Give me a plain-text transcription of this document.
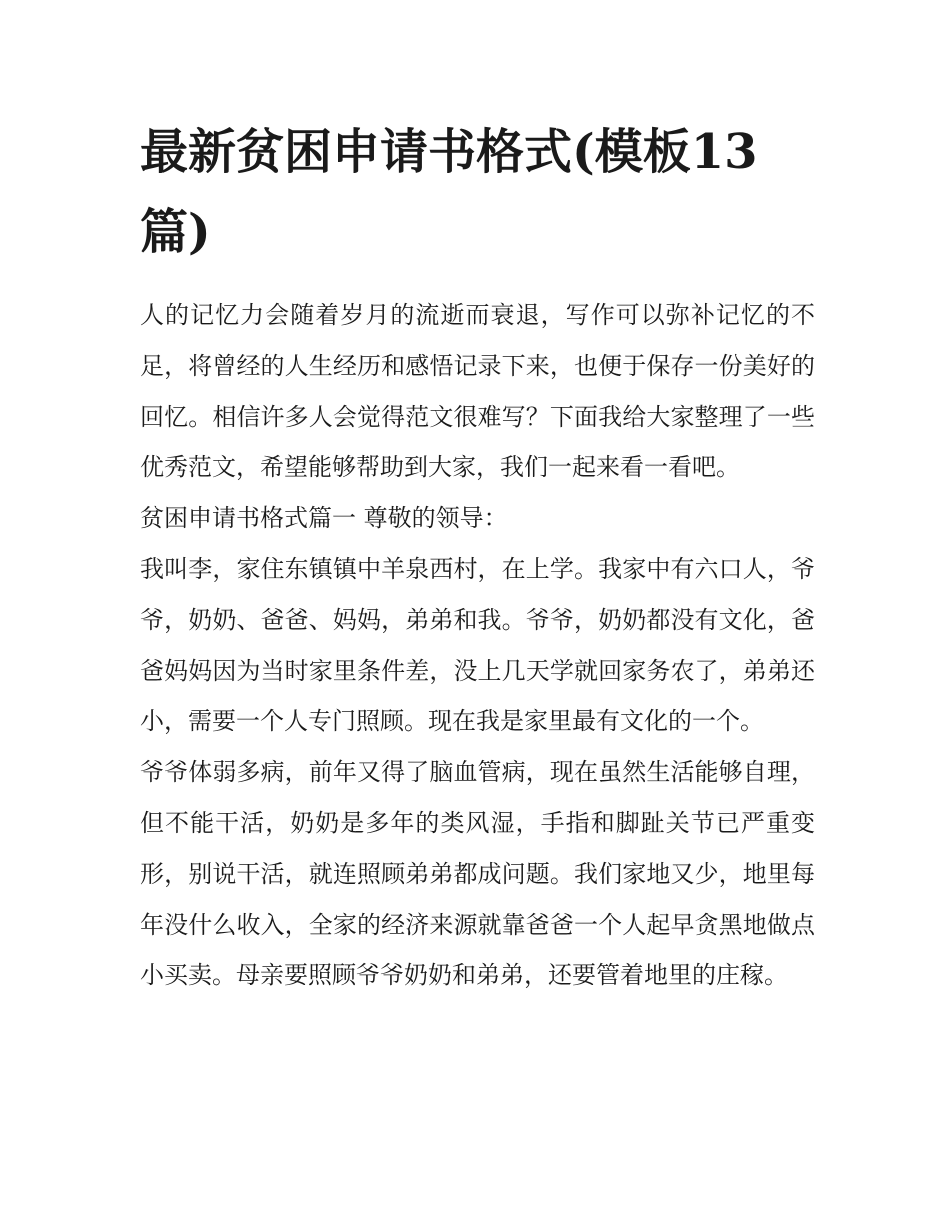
最新贫困申请书格式(模板13篇)

人的记忆力会随着岁月的流逝而衰退，写作可以弥补记忆的不足，将曾经的人生经历和感悟记录下来，也便于保存一份美好的回忆。相信许多人会觉得范文很难写？下面我给大家整理了一些优秀范文，希望能够帮助到大家，我们一起来看一看吧。

贫困申请书格式篇一 尊敬的领导：

我叫李，家住东镇镇中羊泉西村，在上学。我家中有六口人，爷爷，奶奶、爸爸、妈妈，弟弟和我。爷爷，奶奶都没有文化，爸爸妈妈因为当时家里条件差，没上几天学就回家务农了，弟弟还小，需要一个人专门照顾。现在我是家里最有文化的一个。

爷爷体弱多病，前年又得了脑血管病，现在虽然生活能够自理，但不能干活，奶奶是多年的类风湿，手指和脚趾关节已严重变形，别说干活，就连照顾弟弟都成问题。我们家地又少，地里每年没什么收入，全家的经济来源就靠爸爸一个人起早贪黑地做点小买卖。母亲要照顾爷爷奶奶和弟弟，还要管着地里的庄稼。
